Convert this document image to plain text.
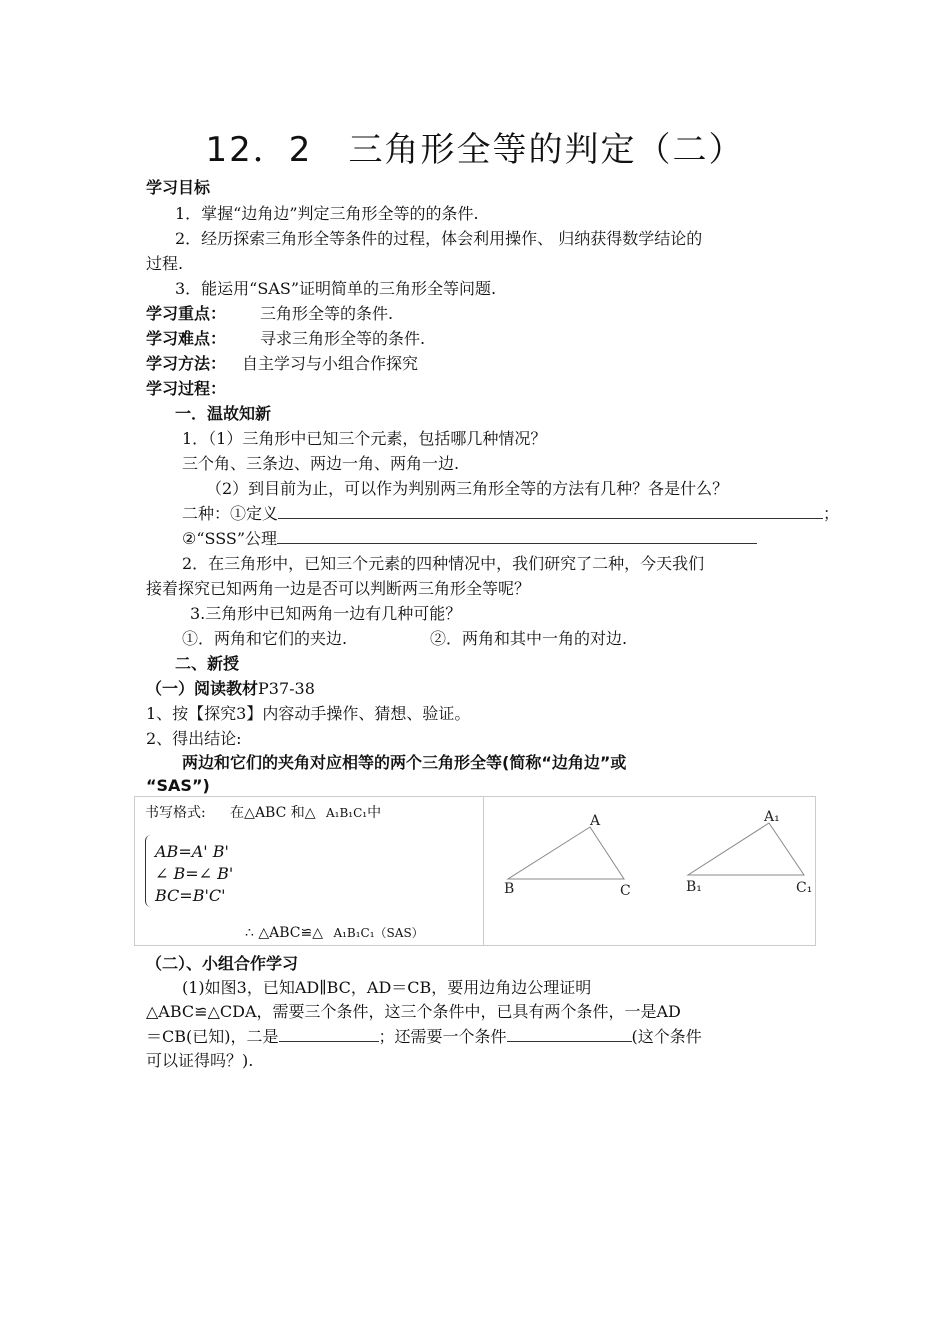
12．2　三角形全等的判定（二）
学习目标
1．掌握“边角边”判定三角形全等的的条件.
2．经历探索三角形全等条件的过程，体会利用操作、 归纳获得数学结论的
过程.
3．能运用“SAS”证明简单的三角形全等问题.
学习重点： 三角形全等的条件.
学习难点： 寻求三角形全等的条件.
学习方法： 自主学习与小组合作探究
学习过程：
一．温故知新
1．（1）三角形中已知三个元素，包括哪几种情况？
三个角、三条边、两边一角、两角一边.
（2）到目前为止，可以作为判别两三角形全等的方法有几种？各是什么？
二种：①定义	；
②“SSS”公理
2．在三角形中，已知三个元素的四种情况中，我们研究了二种，今天我们
接着探究已知两角一边是否可以判断两三角形全等呢？
3.三角形中已知两角一边有几种可能？
①．两角和它们的夹边.	②．两角和其中一角的对边.
二、新授
（一）阅读教材P37-38
1、按【探究3】内容动手操作、猜想、验证。
2、得出结论:
两边和它们的夹角对应相等的两个三角形全等(简称“边角边”或
“SAS”)
书写格式: 在△ABC 和△ A₁B₁C₁中
AB=A' B'
∠ B=∠ B'
BC=B'C'
∴ △ABC≌△ A₁B₁C₁（SAS）
A
B	C
A₁
B₁	C₁
（二）、小组合作学习
(1)如图3，已知AD∥BC，AD＝CB，要用边角边公理证明
△ABC≌△CDA，需要三个条件，这三个条件中，已具有两个条件，一是AD
＝CB(已知)，二是	；还需要一个条件	(这个条件
可以证得吗？).
